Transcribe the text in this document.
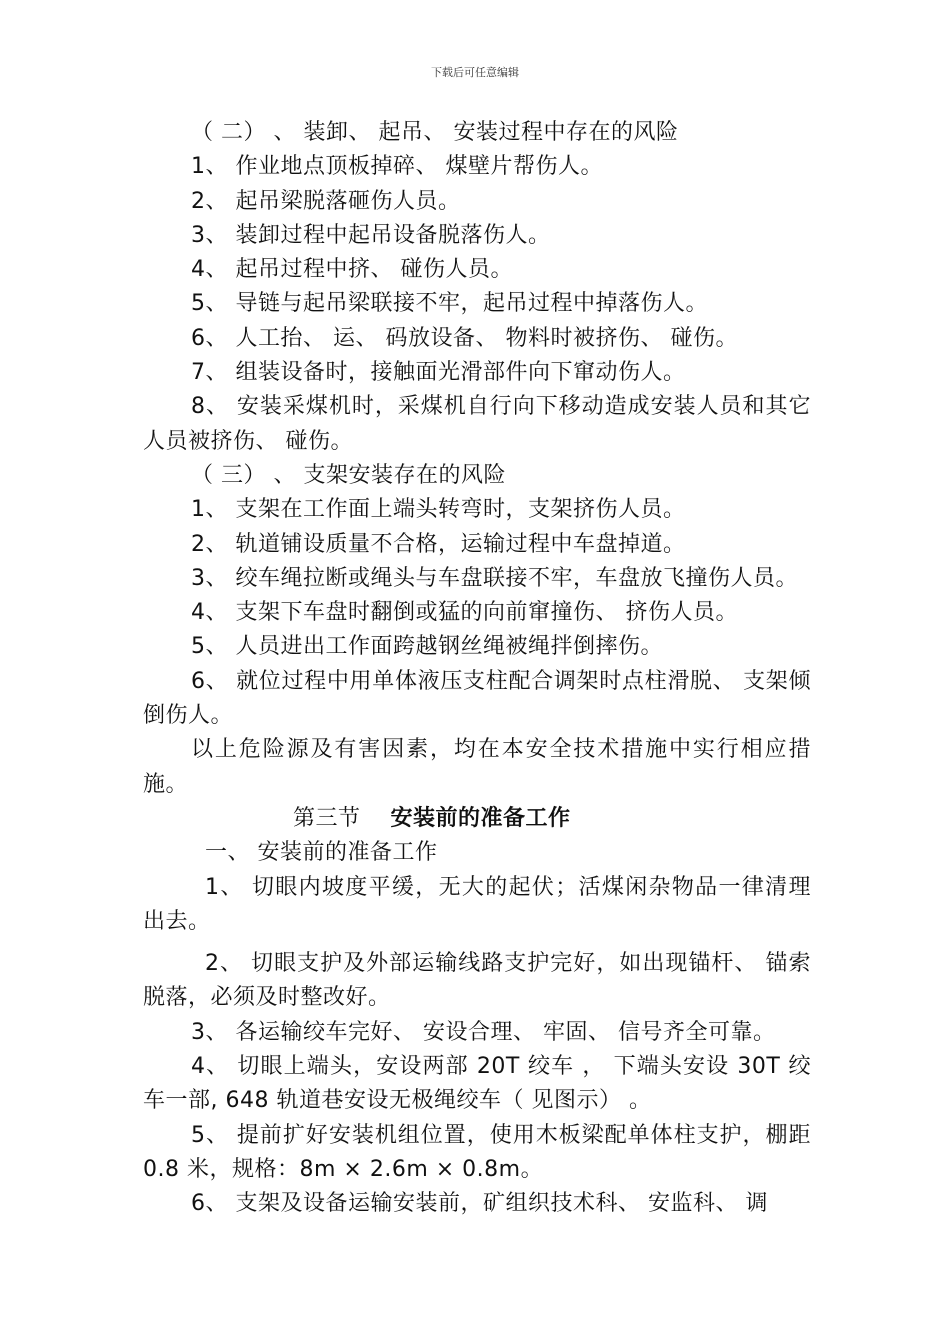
下载后可任意编辑

（ 二） 、 装卸、 起吊、 安装过程中存在的风险

1、 作业地点顶板掉碎、 煤壁片帮伤人。

2、 起吊梁脱落砸伤人员。

3、 装卸过程中起吊设备脱落伤人。

4、 起吊过程中挤、 碰伤人员。

5、 导链与起吊梁联接不牢，起吊过程中掉落伤人。

6、 人工抬、 运、 码放设备、 物料时被挤伤、 碰伤。

7、 组装设备时，接触面光滑部件向下窜动伤人。

8、 安装采煤机时，采煤机自行向下移动造成安装人员和其它人员被挤伤、 碰伤。

（ 三） 、 支架安装存在的风险

1、 支架在工作面上端头转弯时，支架挤伤人员。

2、 轨道铺设质量不合格，运输过程中车盘掉道。

3、 绞车绳拉断或绳头与车盘联接不牢，车盘放飞撞伤人员。

4、 支架下车盘时翻倒或猛的向前窜撞伤、 挤伤人员。

5、 人员进出工作面跨越钢丝绳被绳拌倒摔伤。

6、 就位过程中用单体液压支柱配合调架时点柱滑脱、 支架倾倒伤人。

以上危险源及有害因素，均在本安全技术措施中实行相应措施。

第三节 安装前的准备工作

一、 安装前的准备工作

1、 切眼内坡度平缓，无大的起伏；活煤闲杂物品一律清理出去。

2、 切眼支护及外部运输线路支护完好，如出现锚杆、 锚索脱落，必须及时整改好。

3、 各运输绞车完好、 安设合理、 牢固、 信号齐全可靠。

4、 切眼上端头，安设两部 20T 绞车 ， 下端头安设 30T 绞车一部, 648 轨道巷安设无极绳绞车（ 见图示） 。

5、 提前扩好安装机组位置，使用木板梁配单体柱支护，棚距 0.8 米，规格：8m × 2.6m × 0.8m。

6、 支架及设备运输安装前，矿组织技术科、 安监科、 调
